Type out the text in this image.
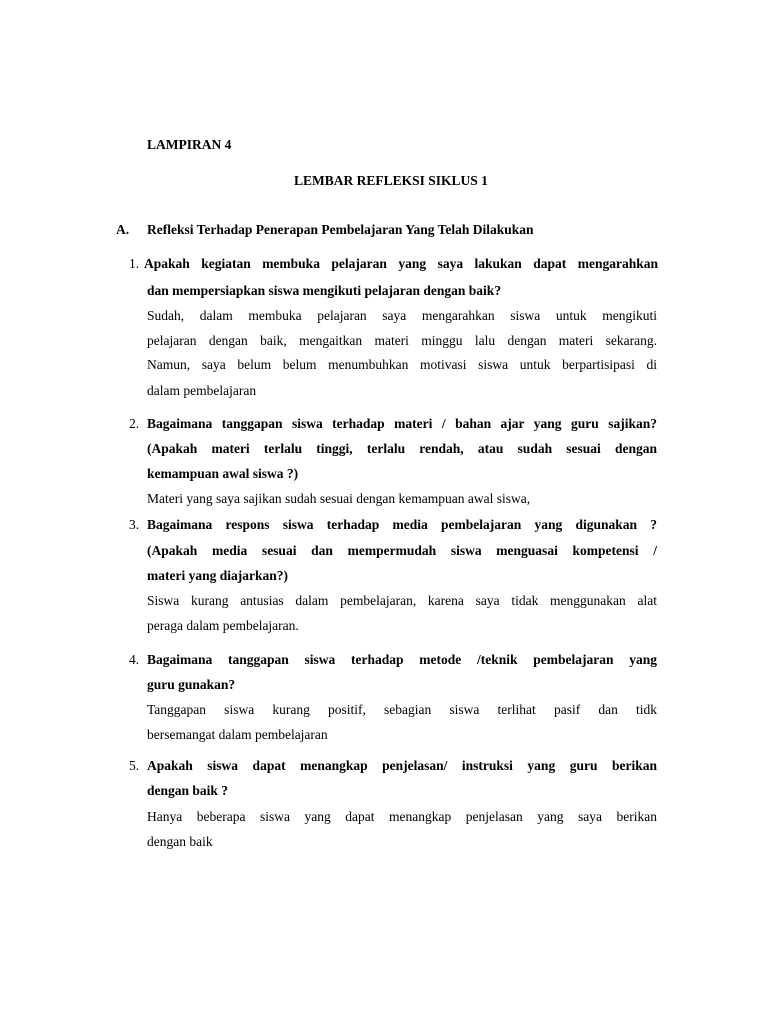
LAMPIRAN 4
LEMBAR REFLEKSI SIKLUS 1
A. Refleksi Terhadap Penerapan Pembelajaran Yang Telah Dilakukan
1. Apakah kegiatan membuka pelajaran yang saya lakukan dapat mengarahkan
dan mempersiapkan siswa mengikuti pelajaran dengan baik?
Sudah, dalam membuka pelajaran saya mengarahkan siswa untuk mengikuti
pelajaran dengan baik, mengaitkan materi minggu lalu dengan materi sekarang.
Namun, saya belum belum menumbuhkan motivasi siswa untuk berpartisipasi di
dalam pembelajaran
2. Bagaimana tanggapan siswa terhadap materi / bahan ajar yang guru sajikan?
(Apakah materi terlalu tinggi, terlalu rendah, atau sudah sesuai dengan
kemampuan awal siswa ?)
Materi yang saya sajikan sudah sesuai dengan kemampuan awal siswa,
3. Bagaimana respons siswa terhadap media pembelajaran yang digunakan ?
(Apakah media sesuai dan mempermudah siswa menguasai kompetensi /
materi yang diajarkan?)
Siswa kurang antusias dalam pembelajaran, karena saya tidak menggunakan alat
peraga dalam pembelajaran.
4. Bagaimana tanggapan siswa terhadap metode /teknik pembelajaran yang
guru gunakan?
Tanggapan siswa kurang positif, sebagian siswa terlihat pasif dan tidk
bersemangat dalam pembelajaran
5. Apakah siswa dapat menangkap penjelasan/ instruksi yang guru berikan
dengan baik ?
Hanya beberapa siswa yang dapat menangkap penjelasan yang saya berikan
dengan baik
